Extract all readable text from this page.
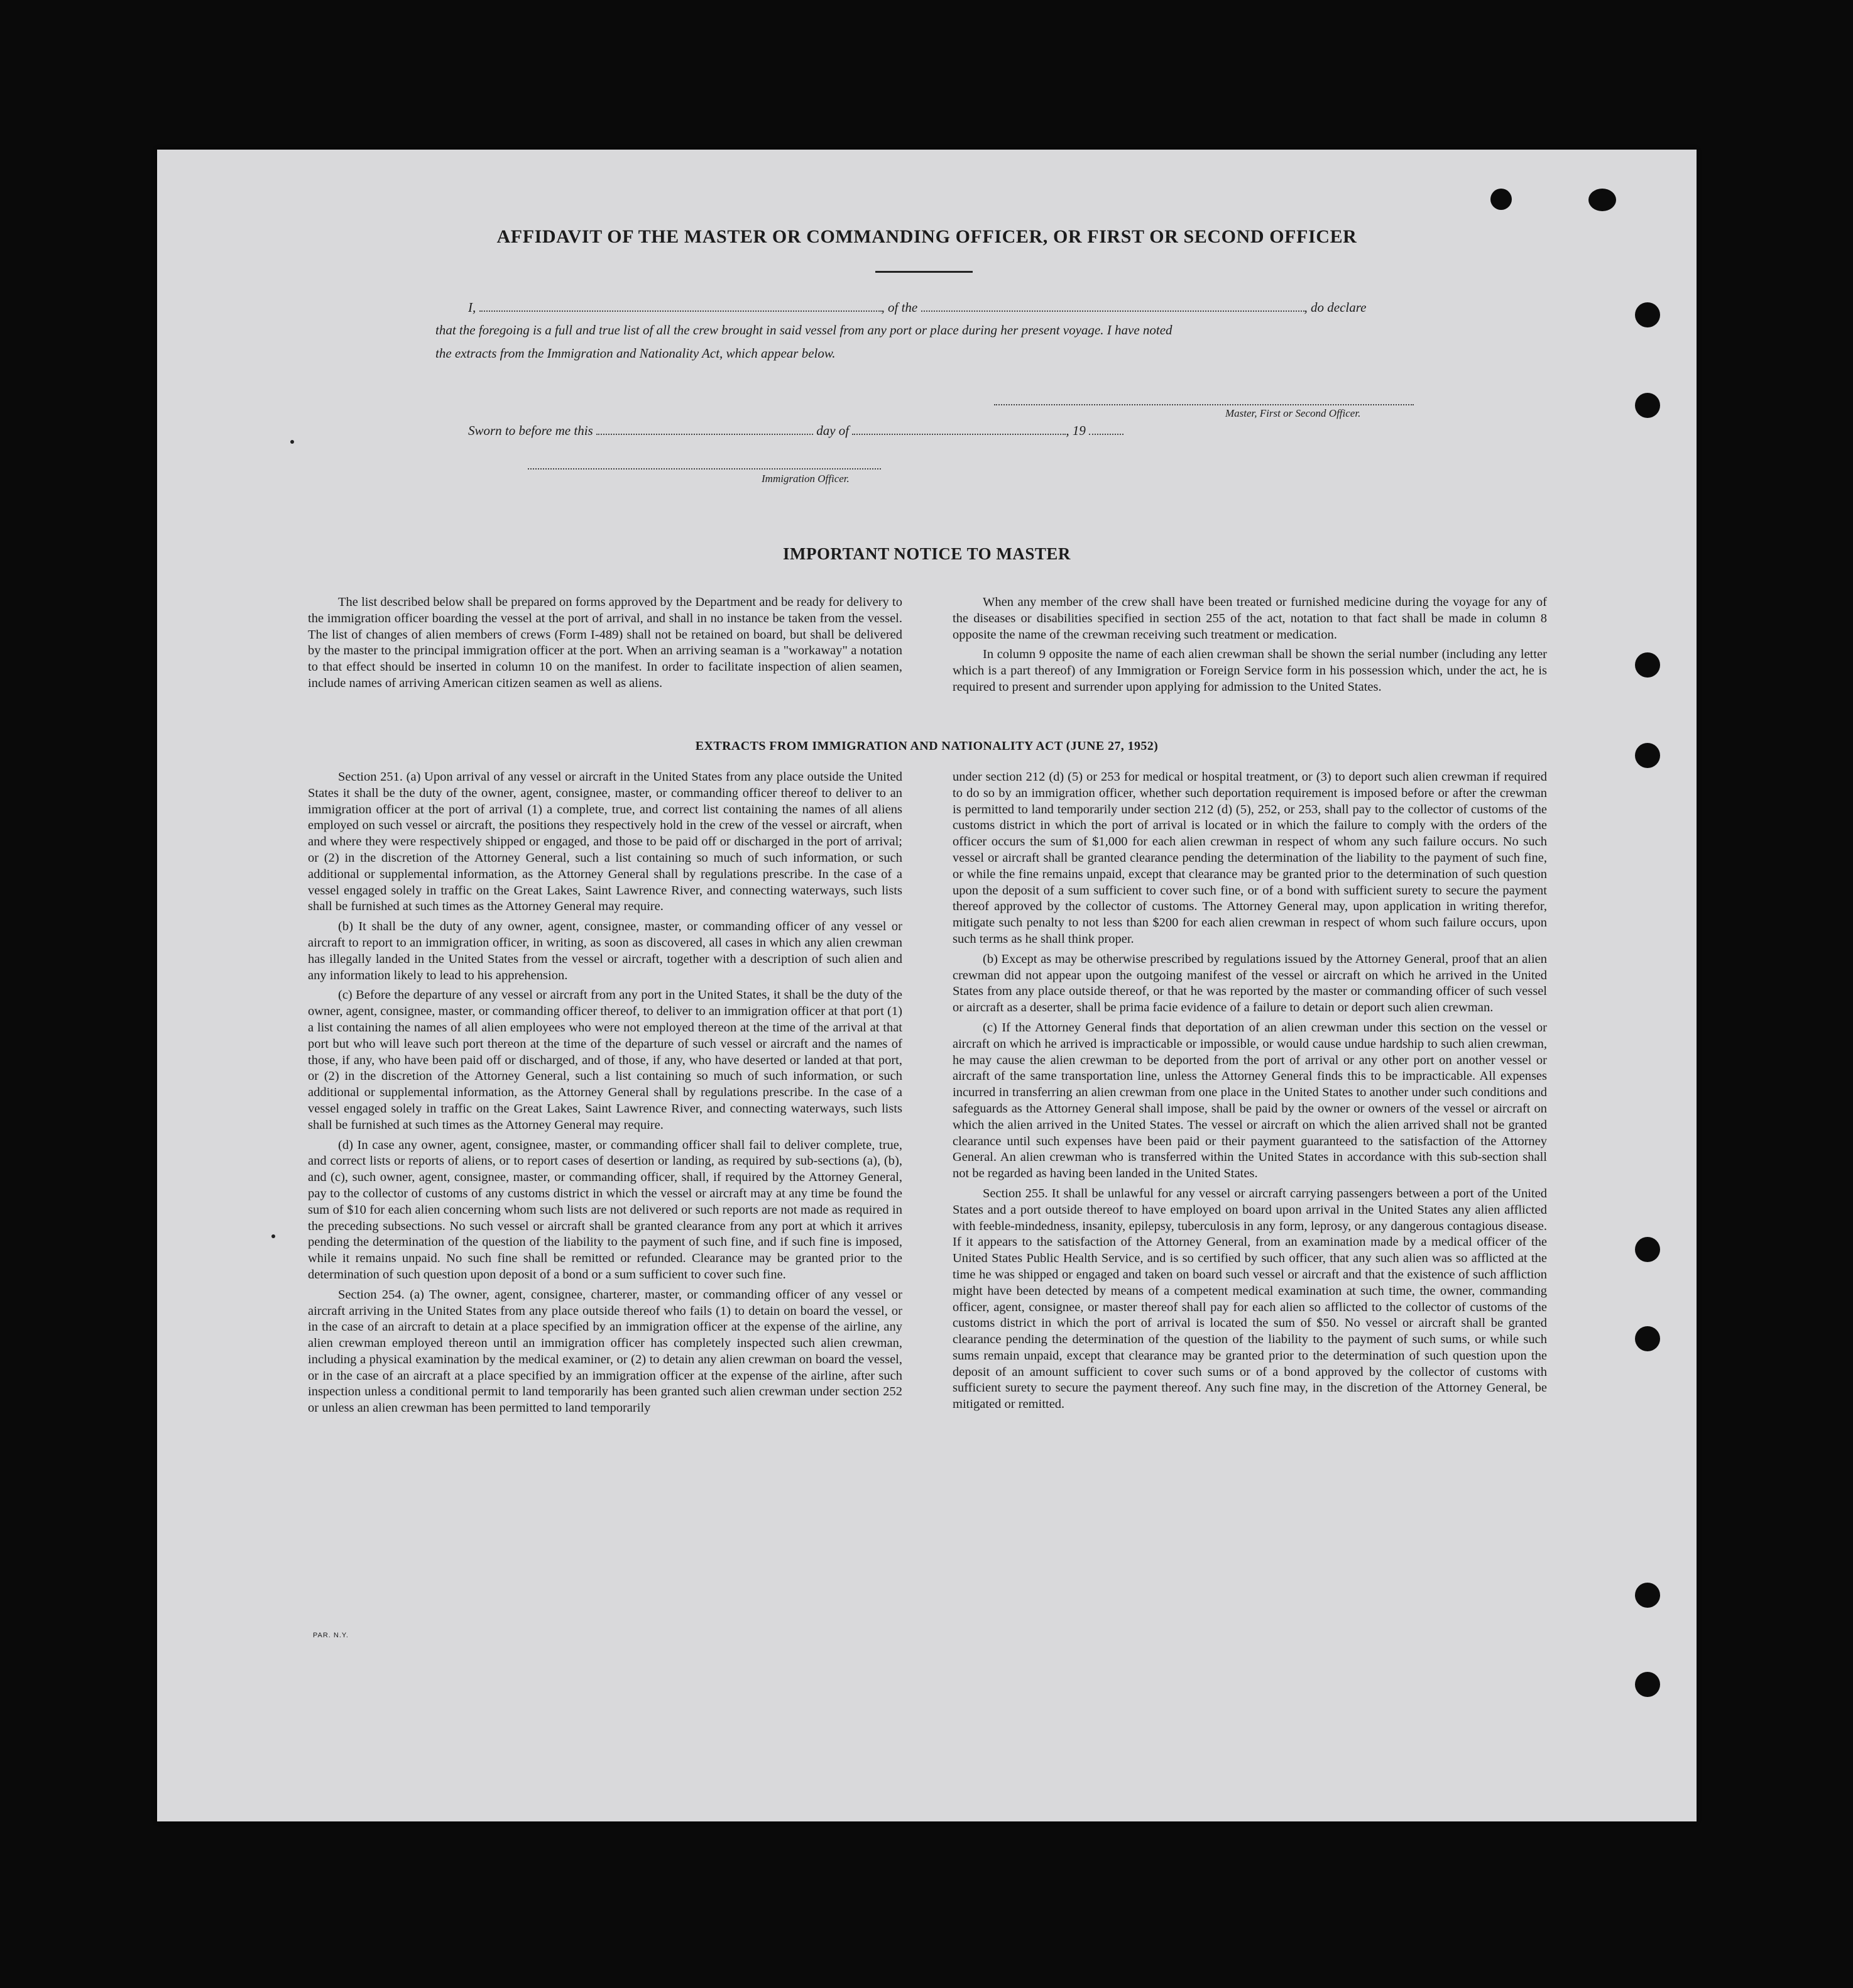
AFFIDAVIT OF THE MASTER OR COMMANDING OFFICER, OR FIRST OR SECOND OFFICER
I,	, of the	, do declare
that the foregoing is a full and true list of all the crew brought in said vessel from any port or place during her present voyage. I have noted
the extracts from the Immigration and Nationality Act, which appear below.
Master, First or Second Officer.
Sworn to before me this	day of	, 19
Immigration Officer.
IMPORTANT NOTICE TO MASTER

The list described below shall be prepared on forms approved by the Department and be ready for delivery to the immigration officer boarding the vessel at the port of arrival, and shall in no instance be taken from the vessel. The list of changes of alien members of crews (Form I-489) shall not be retained on board, but shall be delivered by the master to the principal immigration officer at the port. When an arriving seaman is a "workaway" a notation to that effect should be inserted in column 10 on the manifest. In order to facilitate inspection of alien seamen, include names of arriving American citizen seamen as well as aliens.

When any member of the crew shall have been treated or furnished medicine during the voyage for any of the diseases or disabilities specified in section 255 of the act, notation to that fact shall be made in column 8 opposite the name of the crewman receiving such treatment or medication.

In column 9 opposite the name of each alien crewman shall be shown the serial number (including any letter which is a part thereof) of any Immigration or Foreign Service form in his possession which, under the act, he is required to present and surrender upon applying for admission to the United States.

EXTRACTS FROM IMMIGRATION AND NATIONALITY ACT (JUNE 27, 1952)

Section 251. (a) Upon arrival of any vessel or aircraft in the United States from any place outside the United States it shall be the duty of the owner, agent, consignee, master, or commanding officer thereof to deliver to an immigration officer at the port of arrival (1) a complete, true, and correct list containing the names of all aliens employed on such vessel or aircraft, the positions they respectively hold in the crew of the vessel or aircraft, when and where they were respectively shipped or engaged, and those to be paid off or discharged in the port of arrival; or (2) in the discretion of the Attorney General, such a list containing so much of such information, or such additional or supplemental information, as the Attorney General shall by regulations prescribe. In the case of a vessel engaged solely in traffic on the Great Lakes, Saint Lawrence River, and connecting waterways, such lists shall be furnished at such times as the Attorney General may require.

(b) It shall be the duty of any owner, agent, consignee, master, or commanding officer of any vessel or aircraft to report to an immigration officer, in writing, as soon as discovered, all cases in which any alien crewman has illegally landed in the United States from the vessel or aircraft, together with a description of such alien and any information likely to lead to his apprehension.

(c) Before the departure of any vessel or aircraft from any port in the United States, it shall be the duty of the owner, agent, consignee, master, or commanding officer thereof, to deliver to an immigration officer at that port (1) a list containing the names of all alien employees who were not employed thereon at the time of the arrival at that port but who will leave such port thereon at the time of the departure of such vessel or aircraft and the names of those, if any, who have been paid off or discharged, and of those, if any, who have deserted or landed at that port, or (2) in the discretion of the Attorney General, such a list containing so much of such information, or such additional or supplemental information, as the Attorney General shall by regulations prescribe. In the case of a vessel engaged solely in traffic on the Great Lakes, Saint Lawrence River, and connecting waterways, such lists shall be furnished at such times as the Attorney General may require.

(d) In case any owner, agent, consignee, master, or commanding officer shall fail to deliver complete, true, and correct lists or reports of aliens, or to report cases of desertion or landing, as required by sub-sections (a), (b), and (c), such owner, agent, consignee, master, or commanding officer, shall, if required by the Attorney General, pay to the collector of customs of any customs district in which the vessel or aircraft may at any time be found the sum of $10 for each alien concerning whom such lists are not delivered or such reports are not made as required in the preceding subsections. No such vessel or aircraft shall be granted clearance from any port at which it arrives pending the determination of the question of the liability to the payment of such fine, and if such fine is imposed, while it remains unpaid. No such fine shall be remitted or refunded. Clearance may be granted prior to the determination of such question upon deposit of a bond or a sum sufficient to cover such fine.

Section 254. (a) The owner, agent, consignee, charterer, master, or commanding officer of any vessel or aircraft arriving in the United States from any place outside thereof who fails (1) to detain on board the vessel, or in the case of an aircraft to detain at a place specified by an immigration officer at the expense of the airline, any alien crewman employed thereon until an immigration officer has completely inspected such alien crewman, including a physical examination by the medical examiner, or (2) to detain any alien crewman on board the vessel, or in the case of an aircraft at a place specified by an immigration officer at the expense of the airline, after such inspection unless a conditional permit to land temporarily has been granted such alien crewman under section 252 or unless an alien crewman has been permitted to land temporarily

under section 212 (d) (5) or 253 for medical or hospital treatment, or (3) to deport such alien crewman if required to do so by an immigration officer, whether such deportation requirement is imposed before or after the crewman is permitted to land temporarily under section 212 (d) (5), 252, or 253, shall pay to the collector of customs of the customs district in which the port of arrival is located or in which the failure to comply with the orders of the officer occurs the sum of $1,000 for each alien crewman in respect of whom any such failure occurs. No such vessel or aircraft shall be granted clearance pending the determination of the liability to the payment of such fine, or while the fine remains unpaid, except that clearance may be granted prior to the determination of such question upon the deposit of a sum sufficient to cover such fine, or of a bond with sufficient surety to secure the payment thereof approved by the collector of customs. The Attorney General may, upon application in writing therefor, mitigate such penalty to not less than $200 for each alien crewman in respect of whom such failure occurs, upon such terms as he shall think proper.

(b) Except as may be otherwise prescribed by regulations issued by the Attorney General, proof that an alien crewman did not appear upon the outgoing manifest of the vessel or aircraft on which he arrived in the United States from any place outside thereof, or that he was reported by the master or commanding officer of such vessel or aircraft as a deserter, shall be prima facie evidence of a failure to detain or deport such alien crewman.

(c) If the Attorney General finds that deportation of an alien crewman under this section on the vessel or aircraft on which he arrived is impracticable or impossible, or would cause undue hardship to such alien crewman, he may cause the alien crewman to be deported from the port of arrival or any other port on another vessel or aircraft of the same transportation line, unless the Attorney General finds this to be impracticable. All expenses incurred in transferring an alien crewman from one place in the United States to another under such conditions and safeguards as the Attorney General shall impose, shall be paid by the owner or owners of the vessel or aircraft on which the alien arrived in the United States. The vessel or aircraft on which the alien arrived shall not be granted clearance until such expenses have been paid or their payment guaranteed to the satisfaction of the Attorney General. An alien crewman who is transferred within the United States in accordance with this sub-section shall not be regarded as having been landed in the United States.

Section 255. It shall be unlawful for any vessel or aircraft carrying passengers between a port of the United States and a port outside thereof to have employed on board upon arrival in the United States any alien afflicted with feeble-mindedness, insanity, epilepsy, tuberculosis in any form, leprosy, or any dangerous contagious disease. If it appears to the satisfaction of the Attorney General, from an examination made by a medical officer of the United States Public Health Service, and is so certified by such officer, that any such alien was so afflicted at the time he was shipped or engaged and taken on board such vessel or aircraft and that the existence of such affliction might have been detected by means of a competent medical examination at such time, the owner, commanding officer, agent, consignee, or master thereof shall pay for each alien so afflicted to the collector of customs of the customs district in which the port of arrival is located the sum of $50. No vessel or aircraft shall be granted clearance pending the determination of the question of the liability to the payment of such sums, or while such sums remain unpaid, except that clearance may be granted prior to the determination of such question upon the deposit of an amount sufficient to cover such sums or of a bond approved by the collector of customs with sufficient surety to secure the payment thereof. Any such fine may, in the discretion of the Attorney General, be mitigated or remitted.

PAR. N.Y.
